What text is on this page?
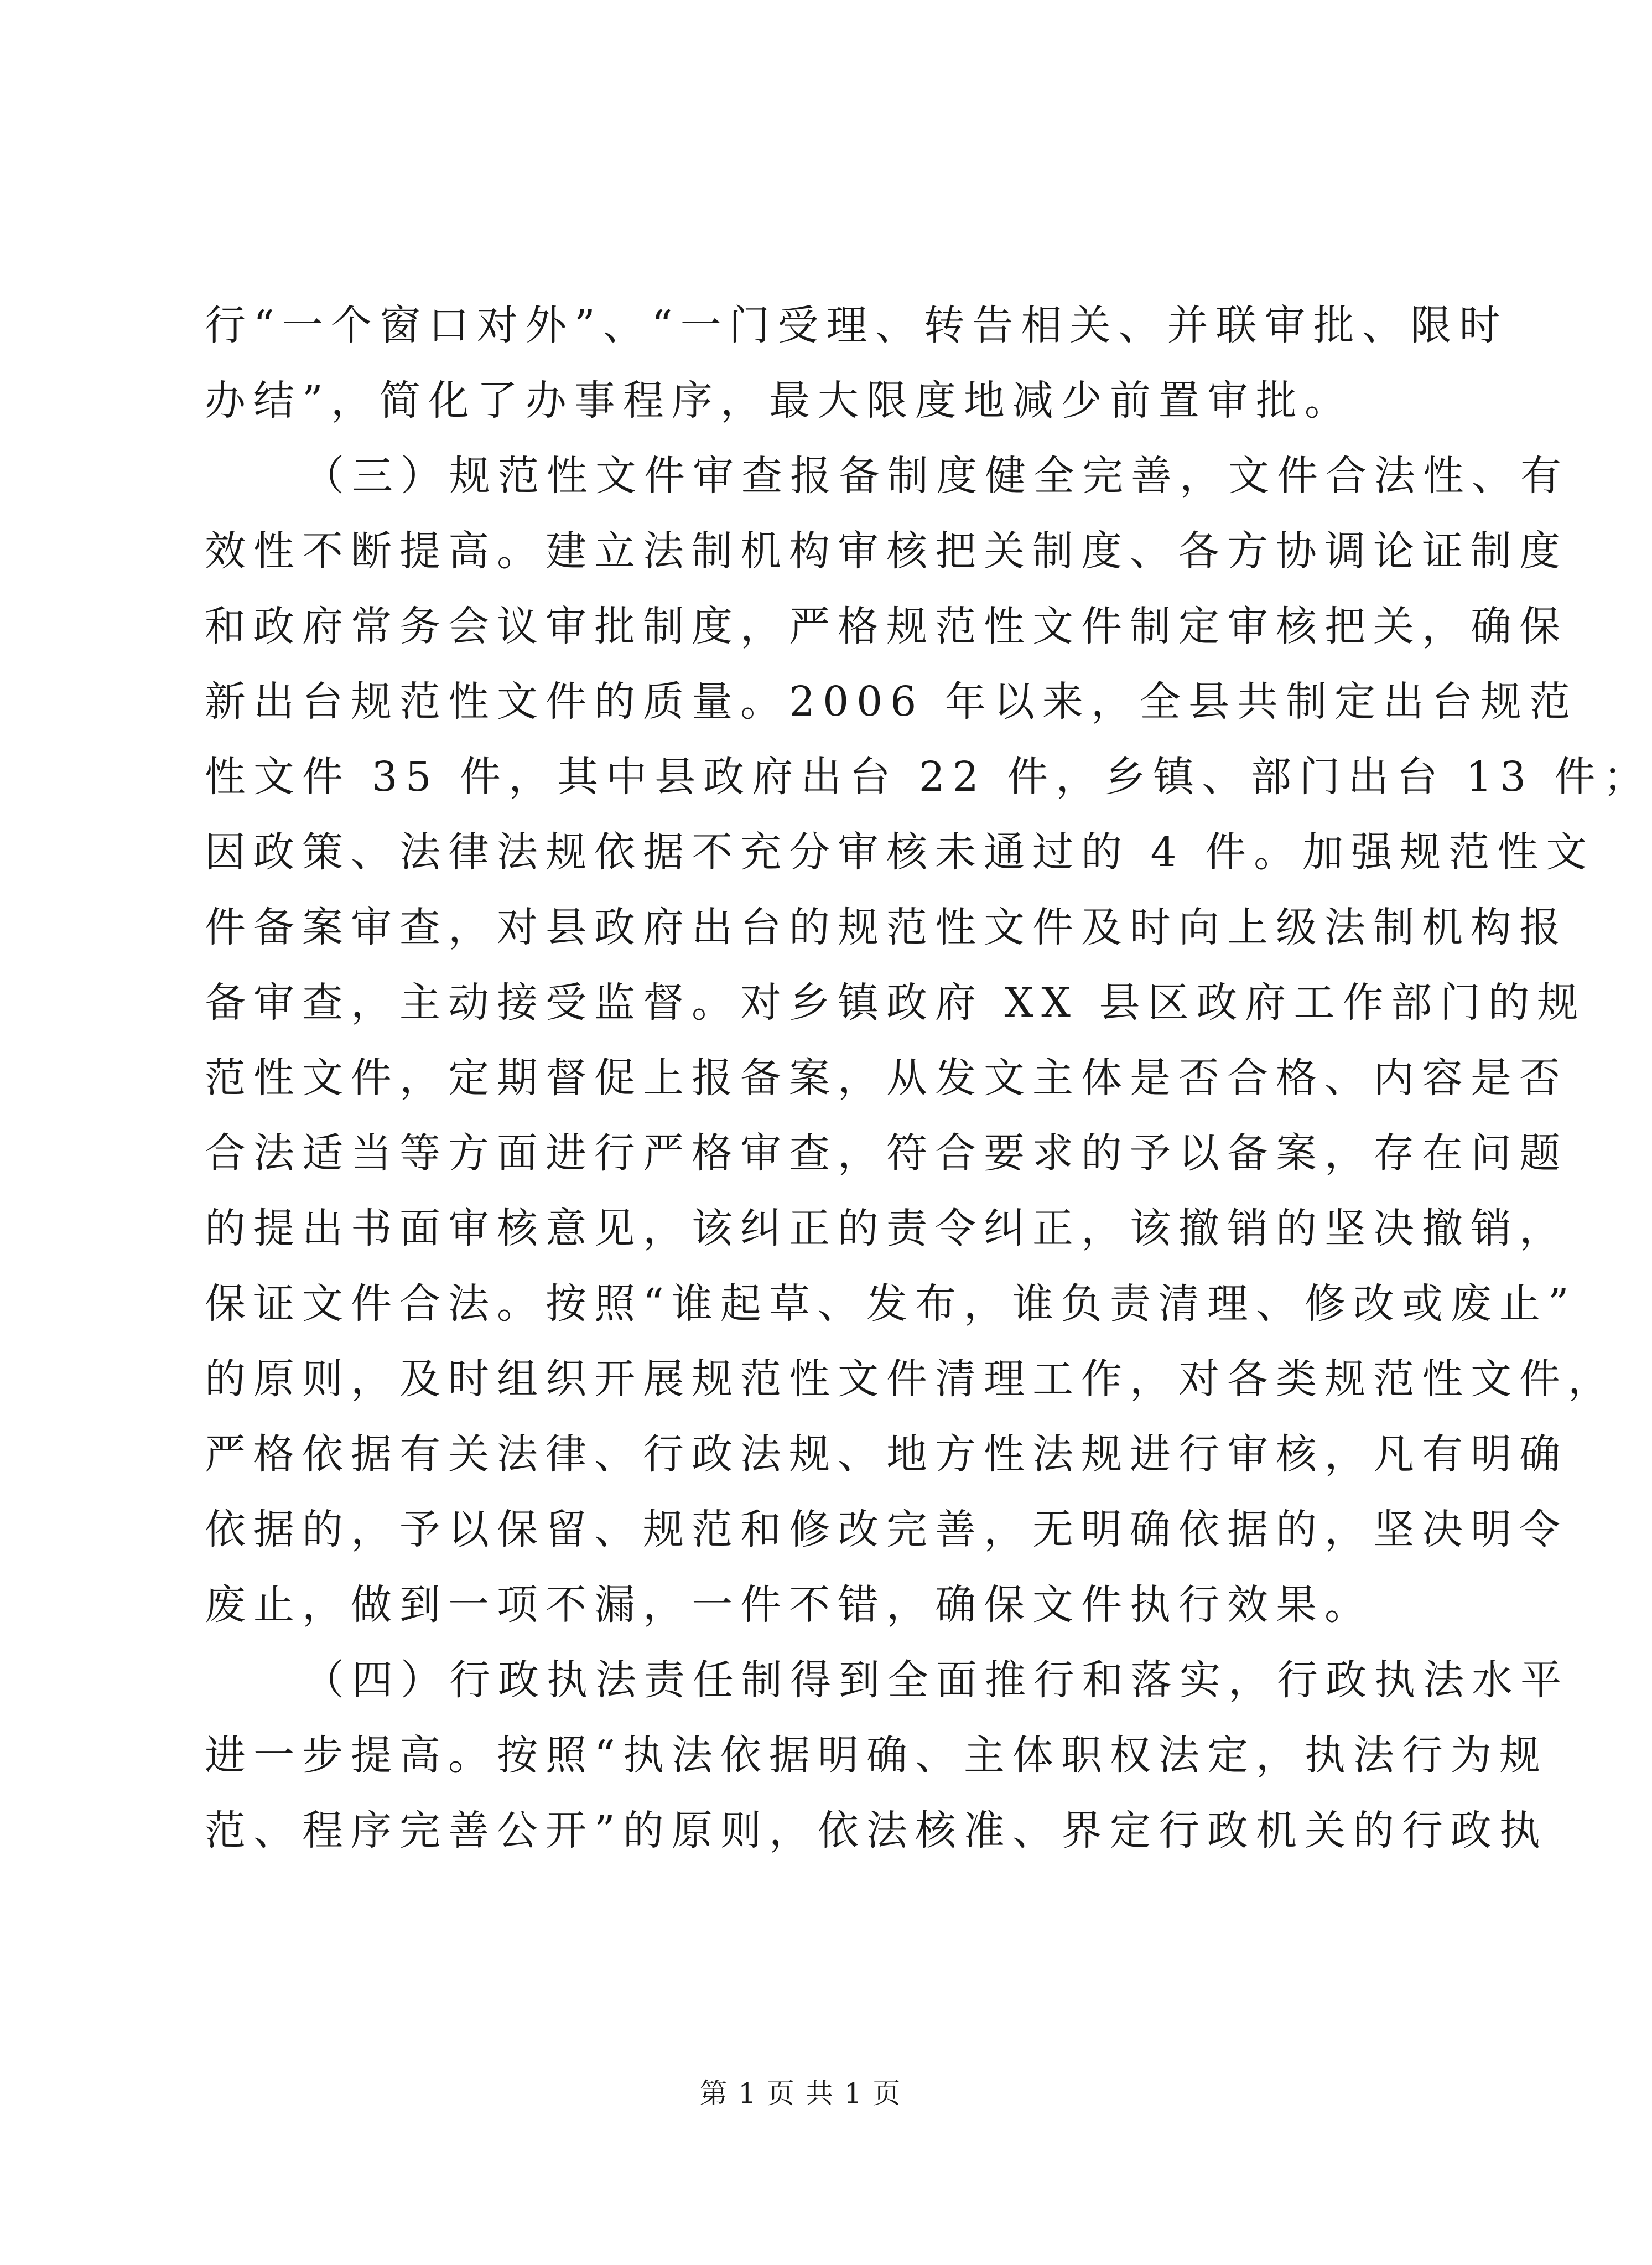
行“一个窗口对外”、“一门受理、转告相关、并联审批、限时
办结”，简化了办事程序，最大限度地减少前置审批。
（三）规范性文件审查报备制度健全完善，文件合法性、有
效性不断提高。建立法制机构审核把关制度、各方协调论证制度
和政府常务会议审批制度，严格规范性文件制定审核把关，确保
新出台规范性文件的质量。2006 年以来，全县共制定出台规范
性文件 35 件，其中县政府出台 22 件，乡镇、部门出台 13 件；
因政策、法律法规依据不充分审核未通过的 4 件。加强规范性文
件备案审查，对县政府出台的规范性文件及时向上级法制机构报
备审查，主动接受监督。对乡镇政府 XX 县区政府工作部门的规
范性文件，定期督促上报备案，从发文主体是否合格、内容是否
合法适当等方面进行严格审查，符合要求的予以备案，存在问题
的提出书面审核意见，该纠正的责令纠正，该撤销的坚决撤销，
保证文件合法。按照“谁起草、发布，谁负责清理、修改或废止”
的原则，及时组织开展规范性文件清理工作，对各类规范性文件，
严格依据有关法律、行政法规、地方性法规进行审核，凡有明确
依据的，予以保留、规范和修改完善，无明确依据的，坚决明令
废止，做到一项不漏，一件不错，确保文件执行效果。
（四）行政执法责任制得到全面推行和落实，行政执法水平
进一步提高。按照“执法依据明确、主体职权法定，执法行为规
范、程序完善公开”的原则，依法核准、界定行政机关的行政执
第 1 页 共 1 页
